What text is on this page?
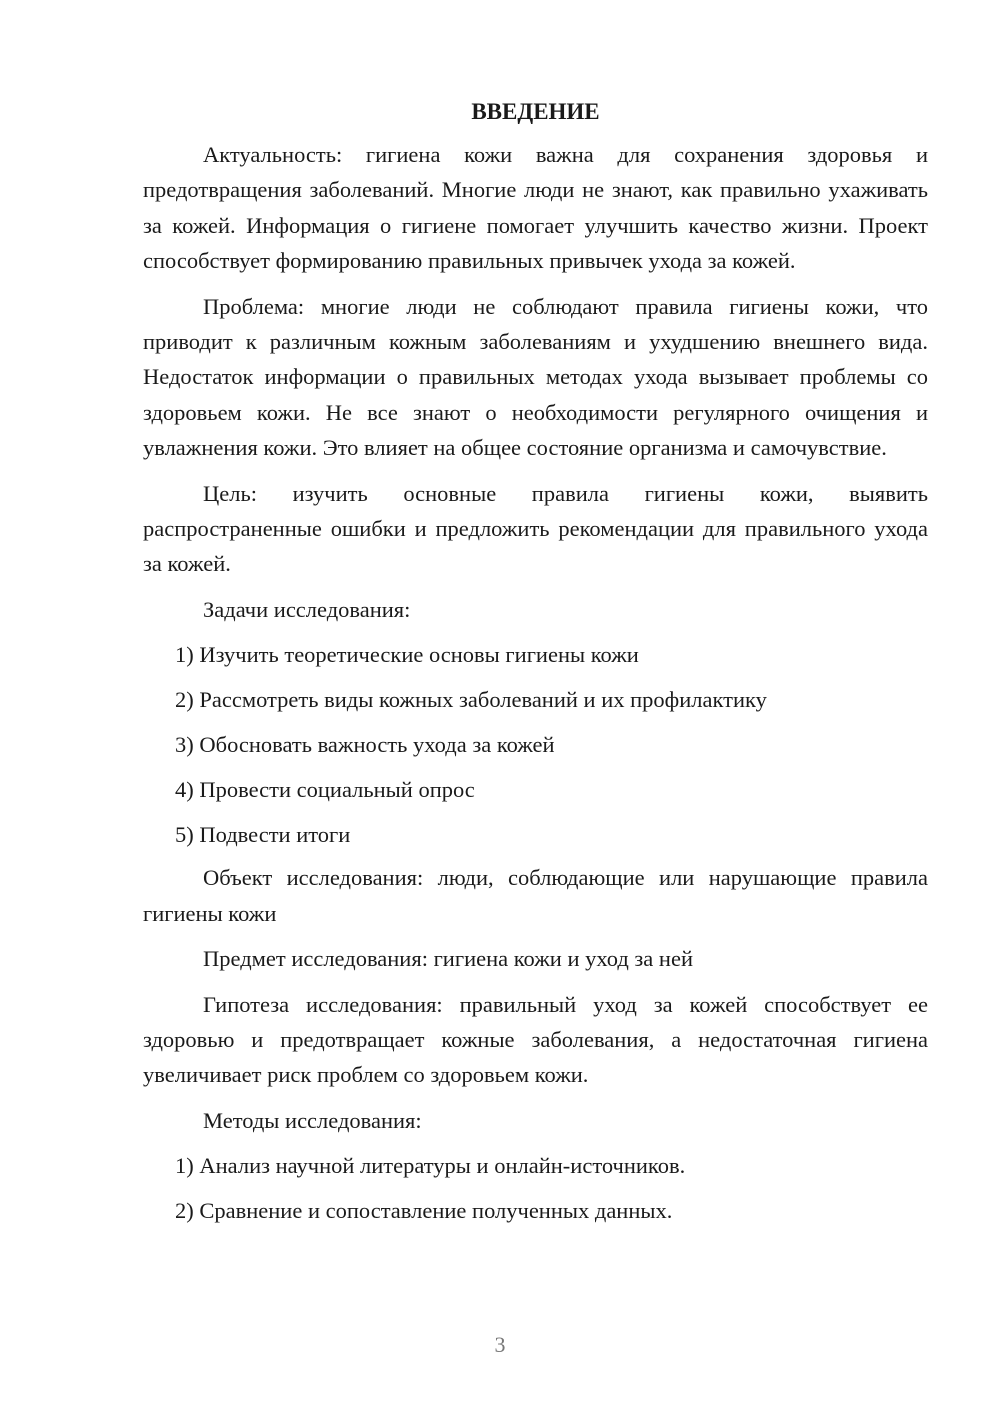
ВВЕДЕНИЕ

Актуальность: гигиена кожи важна для сохранения здоровья и предотвращения заболеваний. Многие люди не знают, как правильно ухаживать за кожей. Информация о гигиене помогает улучшить качество жизни. Проект способствует формированию правильных привычек ухода за кожей.

Проблема: многие люди не соблюдают правила гигиены кожи, что приводит к различным кожным заболеваниям и ухудшению внешнего вида. Недостаток информации о правильных методах ухода вызывает проблемы со здоровьем кожи. Не все знают о необходимости регулярного очищения и увлажнения кожи. Это влияет на общее состояние организма и самочувствие.

Цель: изучить основные правила гигиены кожи, выявить распространенные ошибки и предложить рекомендации для правильного ухода за кожей.

Задачи исследования:

1) Изучить теоретические основы гигиены кожи

2) Рассмотреть виды кожных заболеваний и их профилактику

3) Обосновать важность ухода за кожей

4) Провести социальный опрос

5) Подвести итоги

Объект исследования: люди, соблюдающие или нарушающие правила гигиены кожи

Предмет исследования: гигиена кожи и уход за ней

Гипотеза исследования: правильный уход за кожей способствует ее здоровью и предотвращает кожные заболевания, а недостаточная гигиена увеличивает риск проблем со здоровьем кожи.

Методы исследования:

1) Анализ научной литературы и онлайн-источников.

2) Сравнение и сопоставление полученных данных.

3
